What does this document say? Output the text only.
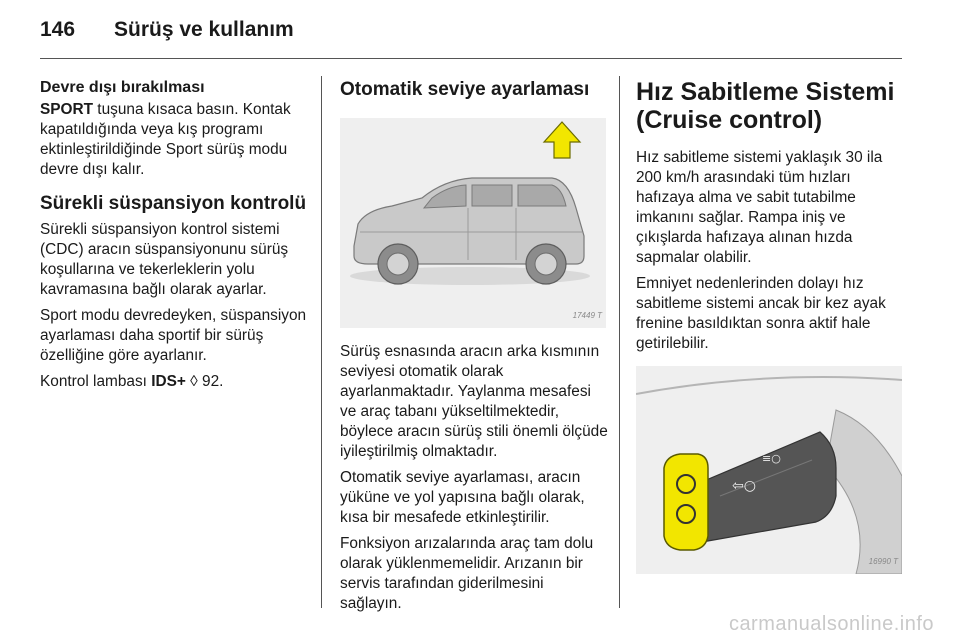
146 Sürüş ve kullanım
Devre dışı bırakılması

SPORT tuşuna kısaca basın. Kontak kapatıldığında veya kış programı ektinleştirildiğinde Sport sürüş modu devre dışı kalır.

Sürekli süspansiyon kontrolü

Sürekli süspansiyon kontrol sistemi (CDC) aracın süspansiyonunu sürüş koşullarına ve tekerleklerin yolu kavramasına bağlı olarak ayarlar.

Sport modu devredeyken, süspansiyon ayarlaması daha sportif bir sürüş özelliğine göre ayarlanır.

Kontrol lambası IDS+ ◊ 92.

Otomatik seviye ayarlaması
17449 T

Sürüş esnasında aracın arka kısmının seviyesi otomatik olarak ayarlanmaktadır. Yaylanma mesafesi ve araç tabanı yükseltilmektedir, böylece aracın sürüş stili önemli ölçüde iyileştirilmiş olmaktadır.

Otomatik seviye ayarlaması, aracın yüküne ve yol yapısına bağlı olarak, kısa bir mesafede etkinleştirilir.

Fonksiyon arızalarında araç tam dolu olarak yüklenmemelidir. Arızanın bir servis tarafından giderilmesini sağlayın.

Hız Sabitleme Sistemi
(Cruise control)

Hız sabitleme sistemi yaklaşık 30 ila 200 km/h arasındaki tüm hızları hafızaya alma ve sabit tutabilme imkanını sağlar. Rampa iniş ve çıkışlarda hafızaya alınan hızda sapmalar olabilir.

Emniyet nedenlerinden dolayı hız sabitleme sistemi ancak bir kez ayak frenine basıldıktan sonra aktif hale getirilebilir.

⇦○
≡○
16990 T
carmanualsonline.info
